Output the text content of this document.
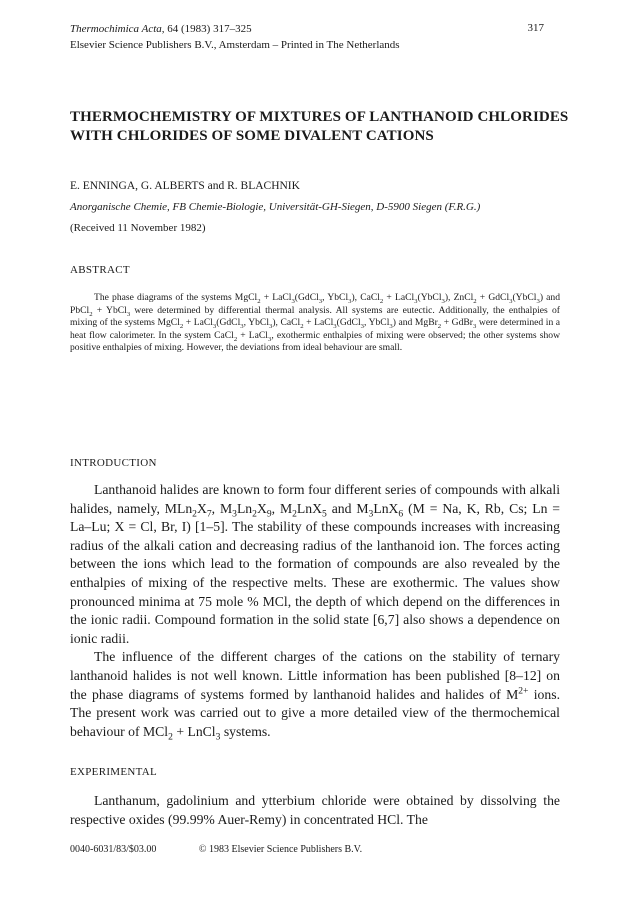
Thermochimica Acta, 64 (1983) 317–325
Elsevier Science Publishers B.V., Amsterdam – Printed in The Netherlands
317
THERMOCHEMISTRY OF MIXTURES OF LANTHANOID CHLORIDES WITH CHLORIDES OF SOME DIVALENT CATIONS
E. ENNINGA, G. ALBERTS and R. BLACHNIK
Anorganische Chemie, FB Chemie-Biologie, Universität-GH-Siegen, D-5900 Siegen (F.R.G.)
(Received 11 November 1982)
ABSTRACT

The phase diagrams of the systems MgCl$_2$ + LaCl$_3$(GdCl$_3$, YbCl$_3$), CaCl$_2$ + LaCl$_3$(YbCl$_3$), ZnCl$_2$ + GdCl$_3$(YbCl$_3$) and PbCl$_2$ + YbCl$_3$ were determined by differential thermal analysis. All systems are eutectic. Additionally, the enthalpies of mixing of the systems MgCl$_2$ + LaCl$_3$(GdCl$_3$, YbCl$_3$), CaCl$_2$ + LaCl$_3$(GdCl$_3$, YbCl$_3$) and MgBr$_2$ + GdBr$_3$ were determined in a heat flow calorimeter. In the system CaCl$_2$ + LaCl$_3$, exothermic enthalpies of mixing were observed; the other systems show positive enthalpies of mixing. However, the deviations from ideal behaviour are small.

INTRODUCTION

Lanthanoid halides are known to form four different series of compounds with alkali halides, namely, $MLn_2X_7$, $M_3Ln_2X_9$, $M_2LnX_5$ and $M_3LnX_6$ (M = Na, K, Rb, Cs; Ln = La–Lu; X = Cl, Br, I) [1–5]. The stability of these compounds increases with increasing radius of the alkali cation and decreasing radius of the lanthanoid ion. The forces acting between the ions which lead to the formation of compounds are also revealed by the enthalpies of mixing of the respective melts. These are exothermic. The values show pronounced minima at 75 mole % MCl, the depth of which depend on the differences in the ionic radii. Compound formation in the solid state [6,7] also shows a dependence on ionic radii.

The influence of the different charges of the cations on the stability of ternary lanthanoid halides is not well known. Little information has been published [8–12] on the phase diagrams of systems formed by lanthanoid halides and halides of $M^{2+}$ ions. The present work was carried out to give a more detailed view of the thermochemical behaviour of MCl$_2$ + LnCl$_3$ systems.

EXPERIMENTAL

Lanthanum, gadolinium and ytterbium chloride were obtained by dissolving the respective oxides (99.99% Auer-Remy) in concentrated HCl. The

0040-6031/83/$03.00	© 1983 Elsevier Science Publishers B.V.
